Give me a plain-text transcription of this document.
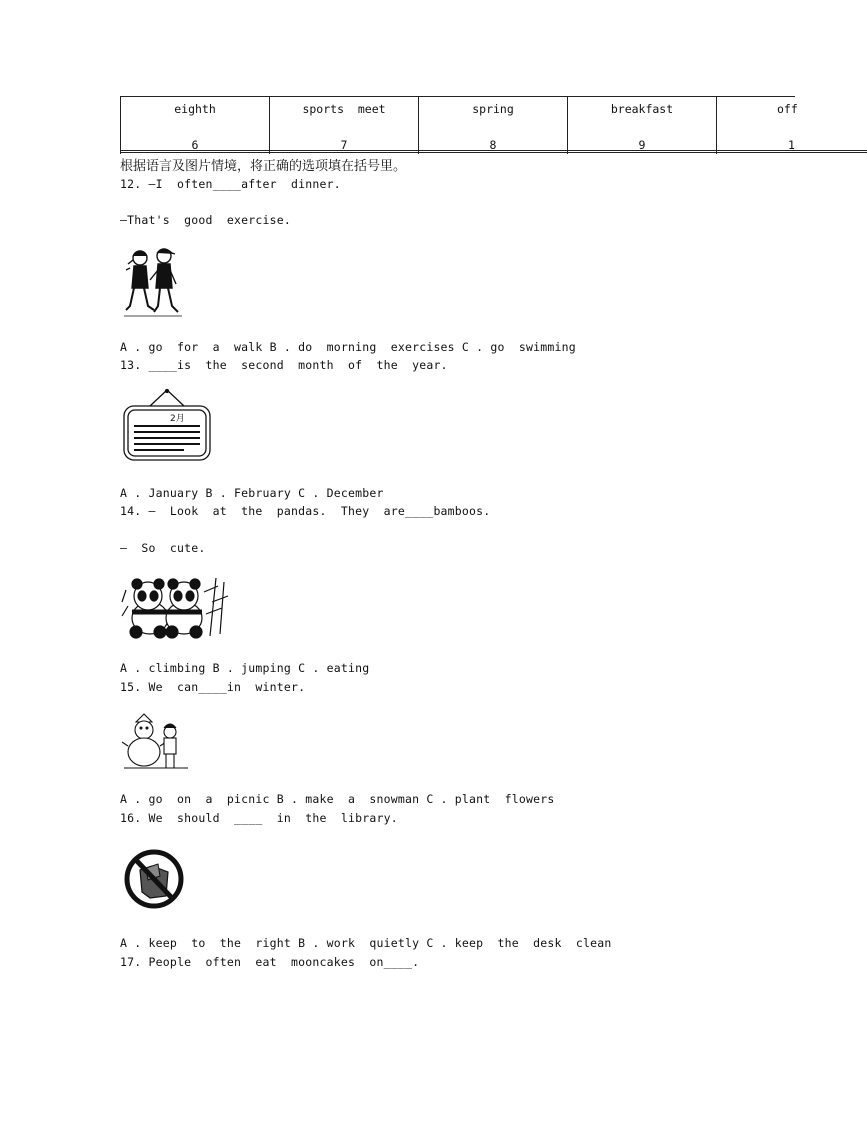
eighth
6
sports  meet
7
spring
8
breakfast
9
off
1
根据语言及图片情境，将正确的选项填在括号里。
12. —I  often____after  dinner.
—That's  good  exercise.
A . go  for  a  walk B . do  morning  exercises C . go  swimming
13. ____is  the  second  month  of  the  year.
2月
A . January B . February C . December
14. —  Look  at  the  pandas.  They  are____bamboos.
—  So  cute.
A . climbing B . jumping C . eating
15. We  can____in  winter.
A . go  on  a  picnic B . make  a  snowman C . plant  flowers
16. We  should  ____  in  the  library.
A . keep  to  the  right B . work  quietly C . keep  the  desk  clean
17. People  often  eat  mooncakes  on____.
